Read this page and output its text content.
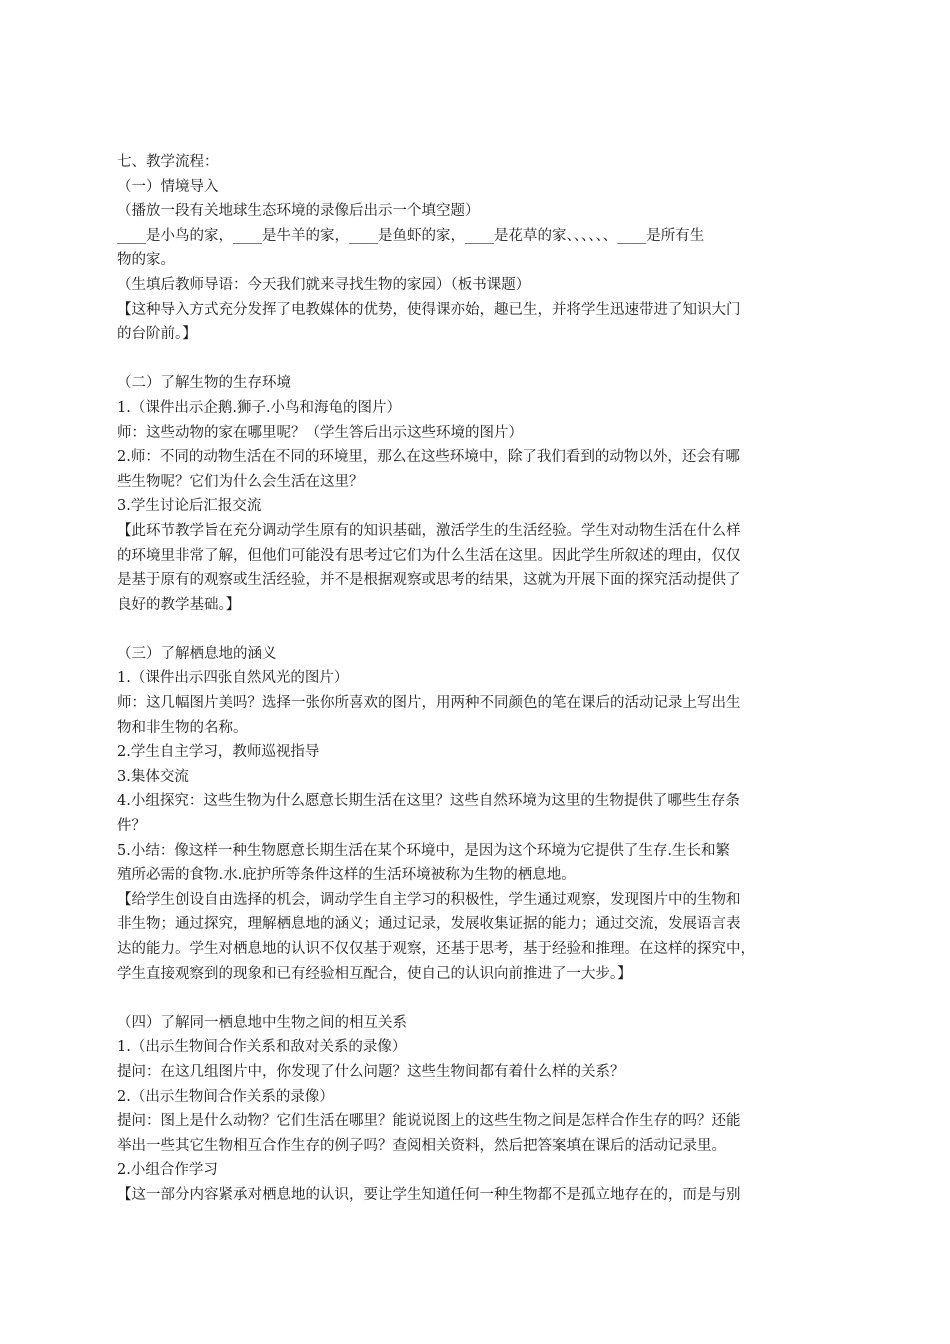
七、教学流程：
（一）情境导入
（播放一段有关地球生态环境的录像后出示一个填空题）
____是小鸟的家，____是牛羊的家，____是鱼虾的家，____是花草的家、、、、、、____是所有生
物的家。
（生填后教师导语：今天我们就来寻找生物的家园）（板书课题）
【这种导入方式充分发挥了电教媒体的优势，使得课亦始，趣已生，并将学生迅速带进了知识大门
的台阶前。】
（二）了解生物的生存环境
1.（课件出示企鹅.狮子.小鸟和海龟的图片）
师：这些动物的家在哪里呢？（学生答后出示这些环境的图片）
2.师：不同的动物生活在不同的环境里，那么在这些环境中，除了我们看到的动物以外，还会有哪
些生物呢？它们为什么会生活在这里？
3.学生讨论后汇报交流
【此环节教学旨在充分调动学生原有的知识基础，激活学生的生活经验。学生对动物生活在什么样
的环境里非常了解，但他们可能没有思考过它们为什么生活在这里。因此学生所叙述的理由，仅仅
是基于原有的观察或生活经验，并不是根据观察或思考的结果，这就为开展下面的探究活动提供了
良好的教学基础。】
（三）了解栖息地的涵义
1.（课件出示四张自然风光的图片）
师：这几幅图片美吗？选择一张你所喜欢的图片，用两种不同颜色的笔在课后的活动记录上写出生
物和非生物的名称。
2.学生自主学习，教师巡视指导
3.集体交流
4.小组探究：这些生物为什么愿意长期生活在这里？这些自然环境为这里的生物提供了哪些生存条
件？
5.小结：像这样一种生物愿意长期生活在某个环境中，是因为这个环境为它提供了生存.生长和繁
殖所必需的食物.水.庇护所等条件这样的生活环境被称为生物的栖息地。
【给学生创设自由选择的机会，调动学生自主学习的积极性，学生通过观察，发现图片中的生物和
非生物；通过探究，理解栖息地的涵义；通过记录，发展收集证据的能力；通过交流，发展语言表
达的能力。学生对栖息地的认识不仅仅基于观察，还基于思考，基于经验和推理。在这样的探究中，
学生直接观察到的现象和已有经验相互配合，使自己的认识向前推进了一大步。】
（四）了解同一栖息地中生物之间的相互关系
1.（出示生物间合作关系和敌对关系的录像）
提问：在这几组图片中，你发现了什么问题？这些生物间都有着什么样的关系？
2.（出示生物间合作关系的录像）
提问：图上是什么动物？它们生活在哪里？能说说图上的这些生物之间是怎样合作生存的吗？还能
举出一些其它生物相互合作生存的例子吗？查阅相关资料，然后把答案填在课后的活动记录里。
2.小组合作学习
【这一部分内容紧承对栖息地的认识，要让学生知道任何一种生物都不是孤立地存在的，而是与别
